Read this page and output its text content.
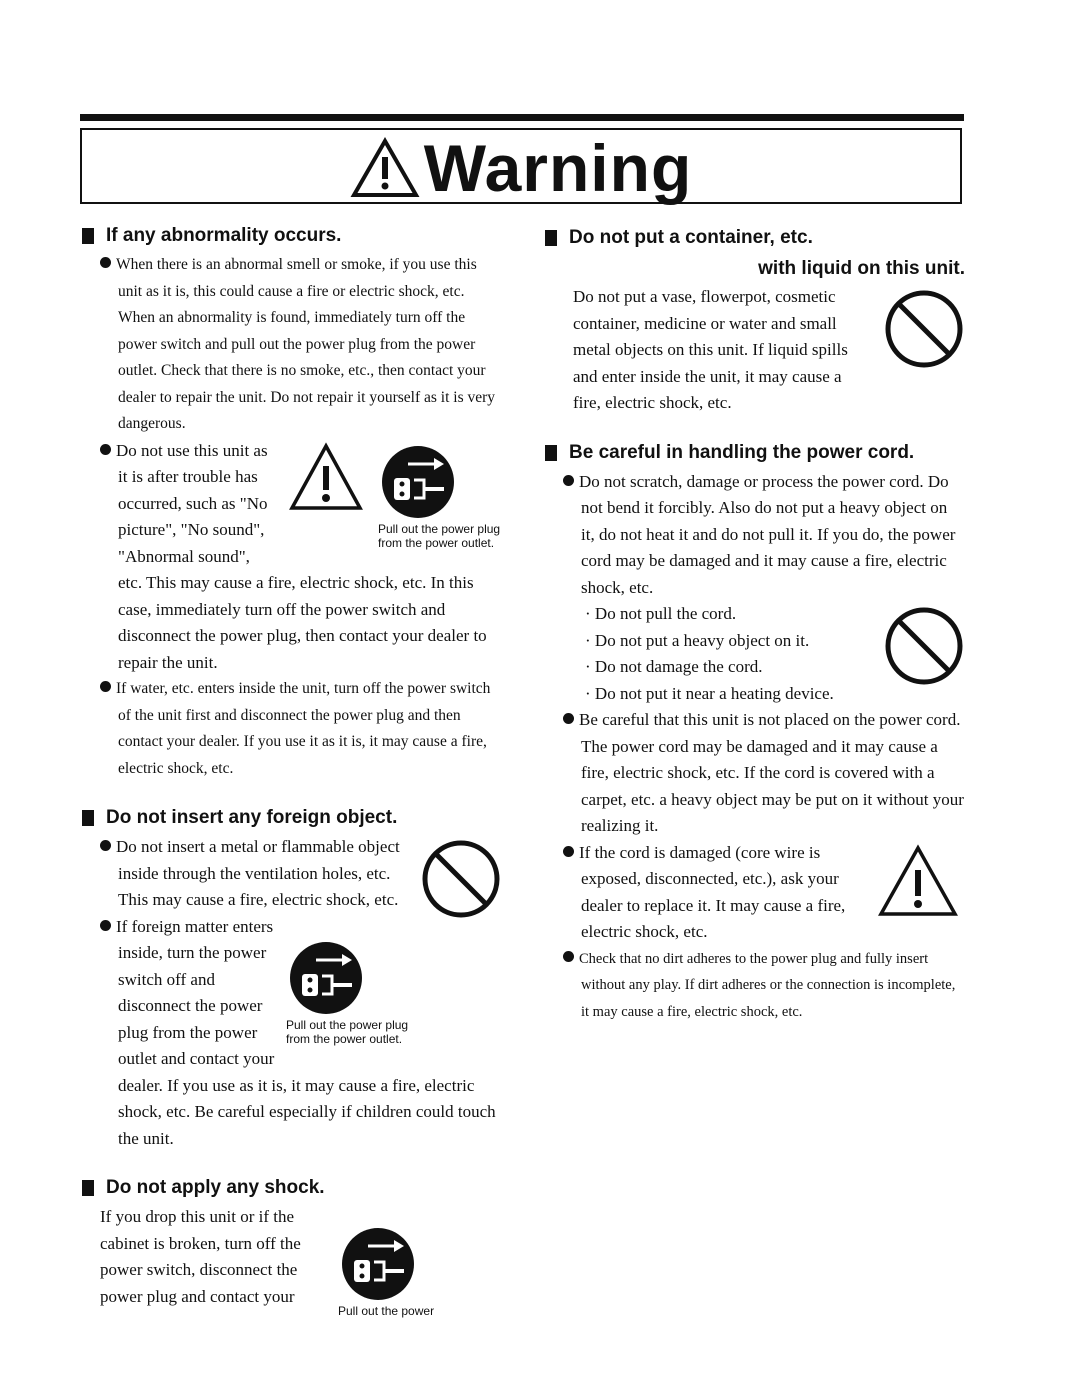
Warning
If any abnormality occurs.

When there is an abnormal smell or smoke, if you use this unit as it is, this could cause a fire or electric shock, etc. When an abnormality is found, immediately turn off the power switch and pull out the power plug from the power outlet. Check that there is no smoke, etc., then contact your dealer to repair the unit. Do not repair it yourself as it is very dangerous.

Pull out the power plug from the power outlet.

Do not use this unit as it is after trouble has occurred, such as "No picture", "No sound", "Abnormal sound", etc. This may cause a fire, electric shock, etc. In this case, immediately turn off the power switch and disconnect the power plug, then contact your dealer to repair the unit.

If water, etc. enters inside the unit, turn off the power switch of the unit first and disconnect the power plug and then contact your dealer. If you use it as it is, it may cause a fire, electric shock, etc.

Do not insert any foreign object.

Do not insert a metal or flammable object inside through the ventilation holes, etc. This may cause a fire, electric shock, etc.

Pull out the power plug from the power outlet.

If foreign matter enters inside, turn the power switch off and disconnect the power plug from the power outlet and contact your dealer. If you use as it is, it may cause a fire, electric shock, etc. Be careful especially if children could touch the unit.

Do not apply any shock.
Pull out the power

If you drop this unit or if the cabinet is broken, turn off the power switch, disconnect the power plug and contact your

Do not put a container, etc.
with liquid on this unit.

Do not put a vase, flowerpot, cosmetic container, medicine or water and small metal objects on this unit. If liquid spills and enter inside the unit, it may cause a fire, electric shock, etc.

Be careful in handling the power cord.

Do not scratch, damage or process the power cord. Do not bend it forcibly. Also do not put a heavy object on it, do not heat it and do not pull it. If you do, the power cord may be damaged and it may cause a fire, electric shock, etc.

· Do not pull the cord.
· Do not put a heavy object on it.
· Do not damage the cord.
· Do not put it near a heating device.

Be careful that this unit is not placed on the power cord. The power cord may be damaged and it may cause a fire, electric shock, etc. If the cord is covered with a carpet, etc. a heavy object may be put on it without your realizing it.

If the cord is damaged (core wire is exposed, disconnected, etc.), ask your dealer to replace it. It may cause a fire, electric shock, etc.

Check that no dirt adheres to the power plug and fully insert without any play. If dirt adheres or the connection is incomplete, it may cause a fire, electric shock, etc.
